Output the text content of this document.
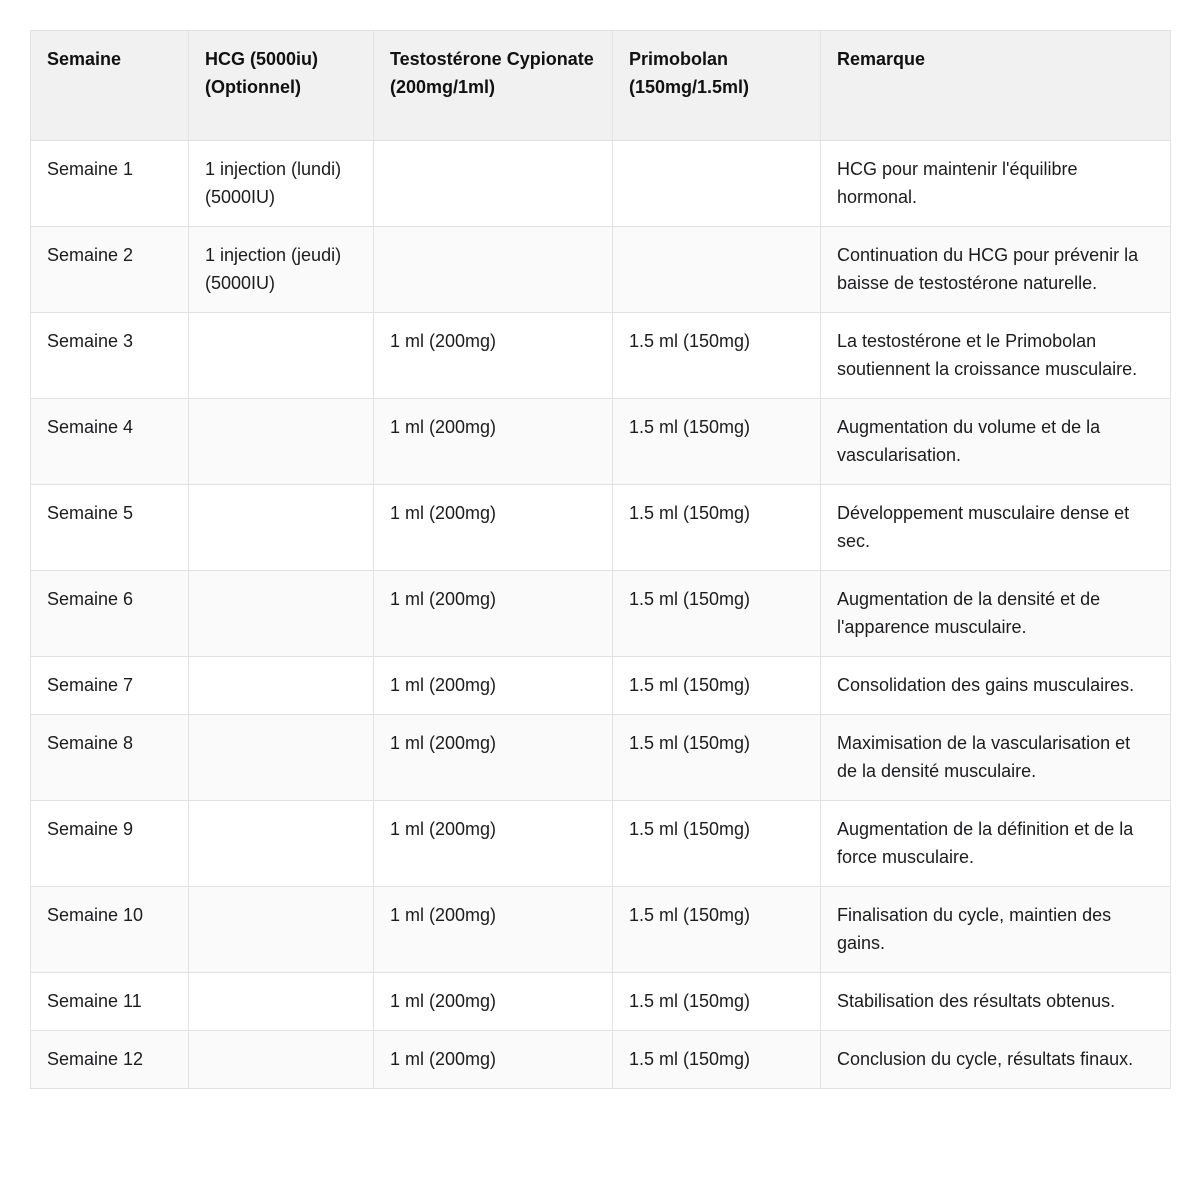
Semaine	HCG (5000iu) (Optionnel)	Testostérone Cypionate (200mg/1ml)	Primobolan (150mg/1.5ml)	Remarque
Semaine 1	1 injection (lundi) (5000IU)			HCG pour maintenir l'équilibre hormonal.
Semaine 2	1 injection (jeudi) (5000IU)			Continuation du HCG pour prévenir la baisse de testostérone naturelle.
Semaine 3		1 ml (200mg)	1.5 ml (150mg)	La testostérone et le Primobolan soutiennent la croissance musculaire.
Semaine 4		1 ml (200mg)	1.5 ml (150mg)	Augmentation du volume et de la vascularisation.
Semaine 5		1 ml (200mg)	1.5 ml (150mg)	Développement musculaire dense et sec.
Semaine 6		1 ml (200mg)	1.5 ml (150mg)	Augmentation de la densité et de l'apparence musculaire.
Semaine 7		1 ml (200mg)	1.5 ml (150mg)	Consolidation des gains musculaires.
Semaine 8		1 ml (200mg)	1.5 ml (150mg)	Maximisation de la vascularisation et de la densité musculaire.
Semaine 9		1 ml (200mg)	1.5 ml (150mg)	Augmentation de la définition et de la force musculaire.
Semaine 10		1 ml (200mg)	1.5 ml (150mg)	Finalisation du cycle, maintien des gains.
Semaine 11		1 ml (200mg)	1.5 ml (150mg)	Stabilisation des résultats obtenus.
Semaine 12		1 ml (200mg)	1.5 ml (150mg)	Conclusion du cycle, résultats finaux.
